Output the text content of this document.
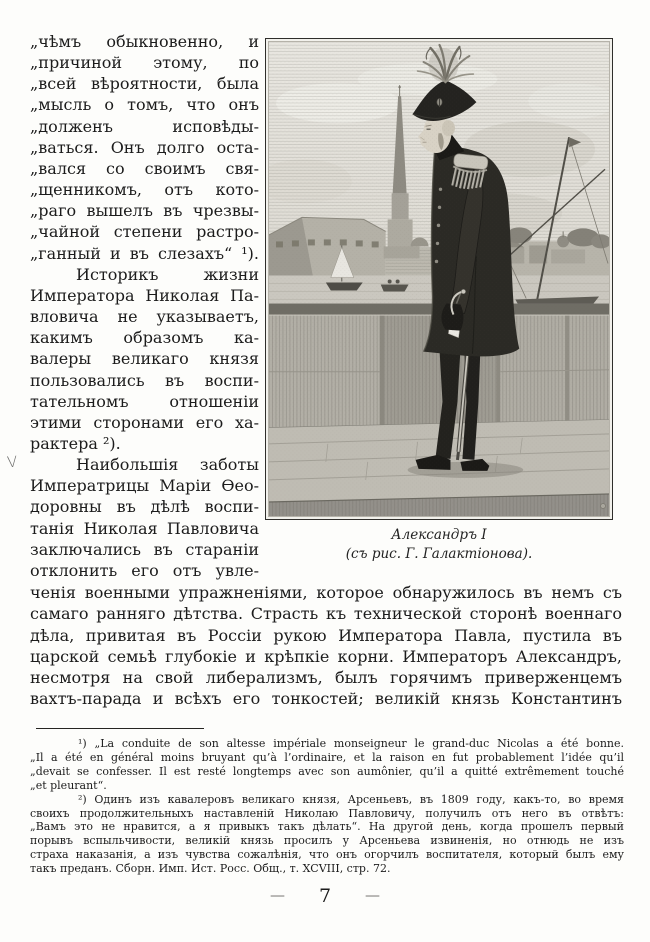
V
„чѣмъ обыкновенно, и
„причиной этому, по
„всей вѣроятности, была
„мысль о томъ, что онъ
„долженъ исповѣды-
„ваться. Онъ долго оста-
„вался со своимъ свя-
„щенникомъ, отъ кото-
„раго вышелъ въ чрезвы-
„чайной степени растро-
„ганный и въ слезахъ“ ¹).
Историкъ жизни
Императора Николая Па-
вловича не указываетъ,
какимъ образомъ ка-
валеры великаго князя
пользовались въ воспи-
тательномъ отношеніи
этими сторонами его ха-
рактера ²).
Наибольшія заботы
Императрицы Маріи Ѳео-
доровны въ дѣлѣ воспи-
танія Николая Павловича
заключались въ стараніи
отклонить его отъ увле-
Александръ I
(съ рис. Г. Галактіонова).
ченія военными упражненіями, которое обнаружилось въ немъ съ
самаго ранняго дѣтства. Страсть къ технической сторонѣ военнаго
дѣла, привитая въ Россіи рукою Императора Павла, пустила въ
царской семьѣ глубокіе и крѣпкіе корни. Императоръ Александръ,
несмотря на свой либерализмъ, былъ горячимъ приверженцемъ
вахтъ-парада и всѣхъ его тонкостей; великій князь Константинъ
¹) „La conduite de son altesse impériale monseigneur le grand-duc Nicolas a été bonne.
„Il a été en général moins bruyant qu’à l’ordinaire, et la raison en fut probablement l’idée qu’il
„devait se confesser. Il est resté longtemps avec son aumônier, qu’il a quitté extrêmement touché
„et pleurant“.
²) Одинъ изъ кавалеровъ великаго князя, Арсеньевъ, въ 1809 году, какъ-то, во время
своихъ продолжительныхъ наставленій Николаю Павловичу, получилъ отъ него въ отвѣтъ:
„Вамъ это не нравится, а я привыкъ такъ дѣлать“. На другой день, когда прошелъ первый
порывъ вспыльчивости, великій князь просилъ у Арсеньева извиненія, но отнюдь не изъ
страха наказанія, а изъ чувства сожалѣнія, что онъ огорчилъ воспитателя, который былъ ему
такъ преданъ. Сборн. Имп. Ист. Росс. Общ., т. XCVIII, стр. 72.
— 7 —
